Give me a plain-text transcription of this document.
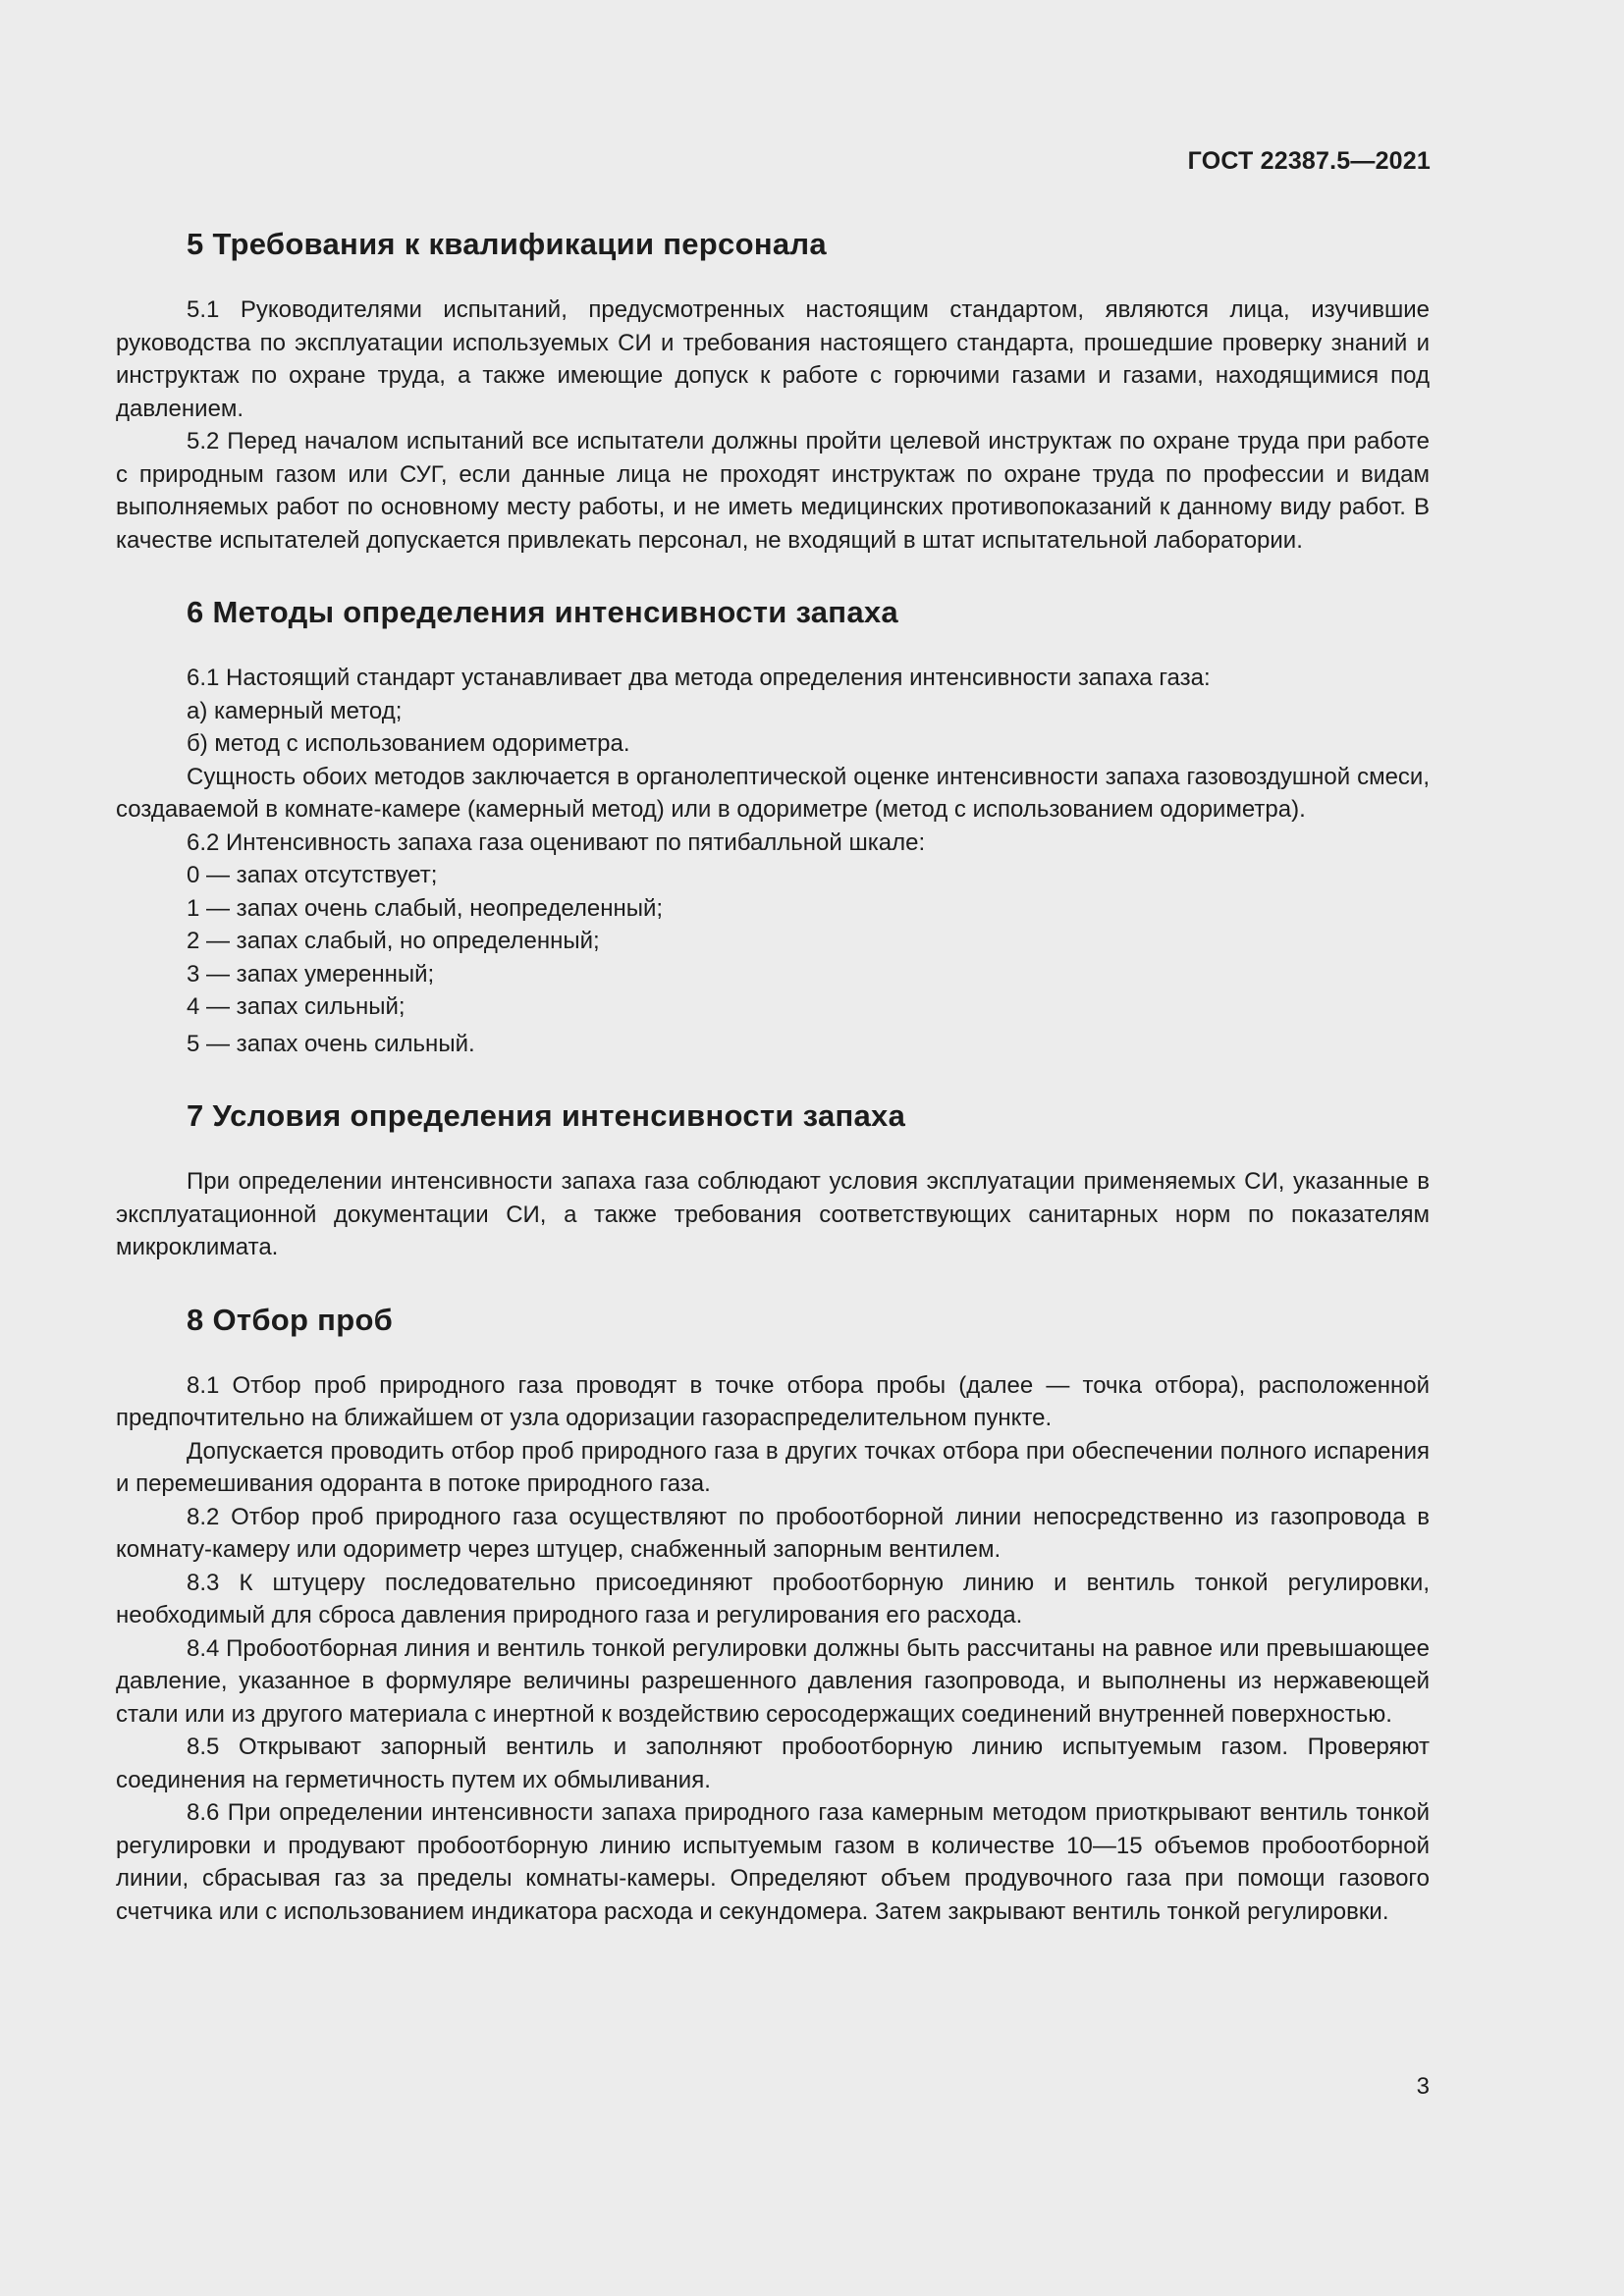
ГОСТ 22387.5—2021
5 Требования к квалификации персонала

5.1 Руководителями испытаний, предусмотренных настоящим стандартом, являются лица, изучившие руководства по эксплуатации используемых СИ и требования настоящего стандарта, прошедшие проверку знаний и инструктаж по охране труда, а также имеющие допуск к работе с горючими газами и газами, находящимися под давлением.

5.2 Перед началом испытаний все испытатели должны пройти целевой инструктаж по охране труда при работе с природным газом или СУГ, если данные лица не проходят инструктаж по охране труда по профессии и видам выполняемых работ по основному месту работы, и не иметь медицинских противопоказаний к данному виду работ. В качестве испытателей допускается привлекать персонал, не входящий в штат испытательной лаборатории.

6 Методы определения интенсивности запаха

6.1 Настоящий стандарт устанавливает два метода определения интенсивности запаха газа:

а) камерный метод;

б) метод с использованием одориметра.

Сущность обоих методов заключается в органолептической оценке интенсивности запаха газовоздушной смеси, создаваемой в комнате-камере (камерный метод) или в одориметре (метод с использованием одориметра).

6.2 Интенсивность запаха газа оценивают по пятибалльной шкале:

0 — запах отсутствует;

1 — запах очень слабый, неопределенный;

2 — запах слабый, но определенный;

3 — запах умеренный;

4 — запах сильный;

5 — запах очень сильный.

7 Условия определения интенсивности запаха

При определении интенсивности запаха газа соблюдают условия эксплуатации применяемых СИ, указанные в эксплуатационной документации СИ, а также требования соответствующих санитарных норм по показателям микроклимата.

8 Отбор проб

8.1 Отбор проб природного газа проводят в точке отбора пробы (далее — точка отбора), расположенной предпочтительно на ближайшем от узла одоризации газораспределительном пункте.

Допускается проводить отбор проб природного газа в других точках отбора при обеспечении полного испарения и перемешивания одоранта в потоке природного газа.

8.2 Отбор проб природного газа осуществляют по пробоотборной линии непосредственно из газопровода в комнату-камеру или одориметр через штуцер, снабженный запорным вентилем.

8.3 К штуцеру последовательно присоединяют пробоотборную линию и вентиль тонкой регулировки, необходимый для сброса давления природного газа и регулирования его расхода.

8.4 Пробоотборная линия и вентиль тонкой регулировки должны быть рассчитаны на равное или превышающее давление, указанное в формуляре величины разрешенного давления газопровода, и выполнены из нержавеющей стали или из другого материала с инертной к воздействию серосодержащих соединений внутренней поверхностью.

8.5 Открывают запорный вентиль и заполняют пробоотборную линию испытуемым газом. Проверяют соединения на герметичность путем их обмыливания.

8.6 При определении интенсивности запаха природного газа камерным методом приоткрывают вентиль тонкой регулировки и продувают пробоотборную линию испытуемым газом в количестве 10—15 объемов пробоотборной линии, сбрасывая газ за пределы комнаты-камеры. Определяют объем продувочного газа при помощи газового счетчика или с использованием индикатора расхода и секундомера. Затем закрывают вентиль тонкой регулировки.

3
